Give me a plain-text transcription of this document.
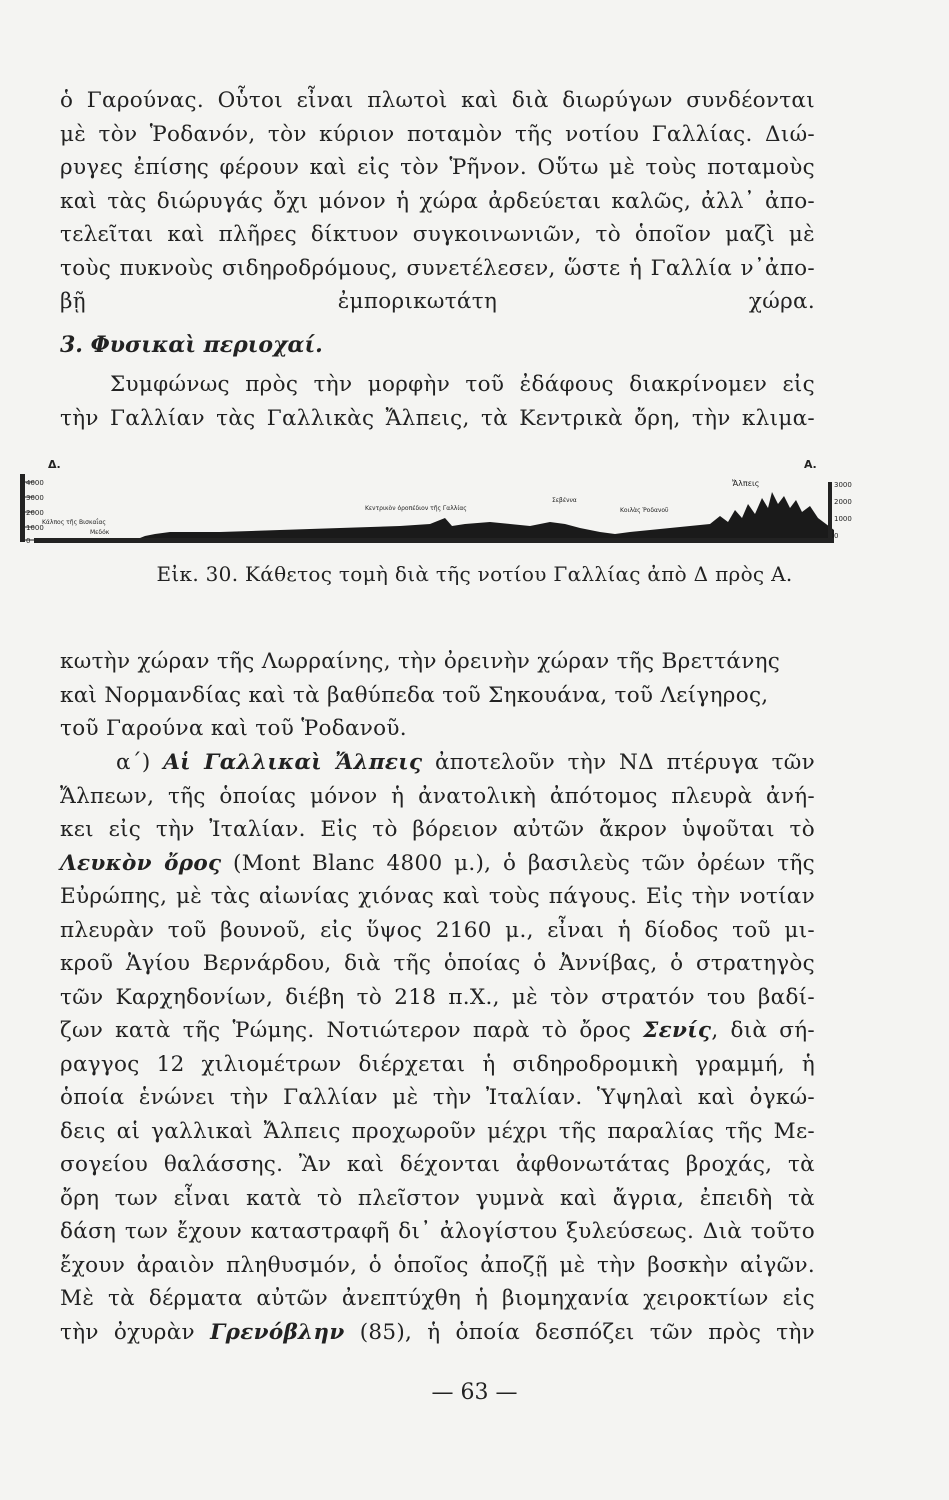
ὁ Γαρούνας. Οὗτοι εἶναι πλωτοὶ καὶ διὰ διωρύγων συνδέονται
μὲ τὸν Ῥοδανόν, τὸν κύριον ποταμὸν τῆς νοτίου Γαλλίας. Διώ-
ρυγες ἐπίσης φέρουν καὶ εἰς τὸν Ῥῆνον. Οὕτω μὲ τοὺς ποταμοὺς
καὶ τὰς διώρυγάς ὄχι μόνον ἡ χώρα ἀρδεύεται καλῶς, ἀλλ᾽ ἀπο-
τελεῖται καὶ πλῆρες δίκτυον συγκοινωνιῶν, τὸ ὁποῖον μαζὶ μὲ
τοὺς πυκνοὺς σιδηροδρόμους, συνετέλεσεν, ὥστε ἡ Γαλλία ν᾽ἀπο-
βῇ ἐμπορικωτάτη χώρα.
3. Φυσικαὶ περιοχαί.
Συμφώνως πρὸς τὴν μορφὴν τοῦ ἐδάφους διακρίνομεν εἰς
τὴν Γαλλίαν τὰς Γαλλικὰς Ἄλπεις, τὰ Κεντρικὰ ὄρη, τὴν κλιμα-
4000
3000
2000
1000
0
Δ.	Α.
3000
2000
1000
0
Κάλπος τῆς Βισκαΐας
Μεδόκ
Κεντρικὸν ὀροπέδιον τῆς Γαλλίας
Σεβέννα
Κοιλὰς Ῥοδανοῦ
Ἄλπεις
Εἰκ. 30. Κάθετος τομὴ διὰ τῆς νοτίου Γαλλίας ἀπὸ Δ πρὸς Α.
κωτὴν χώραν τῆς Λωρραίνης, τὴν ὀρεινὴν χώραν τῆς Βρεττάνης
καὶ Νορμανδίας καὶ τὰ βαθύπεδα τοῦ Σηκουάνα, τοῦ Λείγηρος,
τοῦ Γαρούνα καὶ τοῦ Ῥοδανοῦ.
α΄) Αἱ Γαλλικαὶ Ἄλπεις ἀποτελοῦν τὴν ΝΔ πτέρυγα τῶν
Ἄλπεων, τῆς ὁποίας μόνον ἡ ἀνατολικὴ ἀπότομος πλευρὰ ἀνή-
κει εἰς τὴν Ἰταλίαν. Εἰς τὸ βόρειον αὐτῶν ἄκρον ὑψοῦται τὸ
Λευκὸν ὄρος (Mont Blanc 4800 μ.), ὁ βασιλεὺς τῶν ὀρέων τῆς
Εὐρώπης, μὲ τὰς αἰωνίας χιόνας καὶ τοὺς πάγους. Εἰς τὴν νοτίαν
πλευρὰν τοῦ βουνοῦ, εἰς ὕψος 2160 μ., εἶναι ἡ δίοδος τοῦ μι-
κροῦ Ἁγίου Βερνάρδου, διὰ τῆς ὁποίας ὁ Ἀννίβας, ὁ στρατηγὸς
τῶν Καρχηδονίων, διέβη τὸ 218 π.Χ., μὲ τὸν στρατόν του βαδί-
ζων κατὰ τῆς Ῥώμης. Νοτιώτερον παρὰ τὸ ὄρος Σενίς, διὰ σή-
ραγγος 12 χιλιομέτρων διέρχεται ἡ σιδηροδρομικὴ γραμμή, ἡ
ὁποία ἑνώνει τὴν Γαλλίαν μὲ τὴν Ἰταλίαν. Ὑψηλαὶ καὶ ὀγκώ-
δεις αἱ γαλλικαὶ Ἄλπεις προχωροῦν μέχρι τῆς παραλίας τῆς Με-
σογείου θαλάσσης. Ἂν καὶ δέχονται ἀφθονωτάτας βροχάς, τὰ
ὄρη των εἶναι κατὰ τὸ πλεῖστον γυμνὰ καὶ ἄγρια, ἐπειδὴ τὰ
δάση των ἔχουν καταστραφῆ δι᾽ ἀλογίστου ξυλεύσεως. Διὰ τοῦτο
ἔχουν ἀραιὸν πληθυσμόν, ὁ ὁποῖος ἀποζῇ μὲ τὴν βοσκὴν αἰγῶν.
Μὲ τὰ δέρματα αὐτῶν ἀνεπτύχθη ἡ βιομηχανία χειροκτίων εἰς
τὴν ὀχυρὰν Γρενόβλην (85), ἡ ὁποία δεσπόζει τῶν πρὸς τὴν
— 63 —
